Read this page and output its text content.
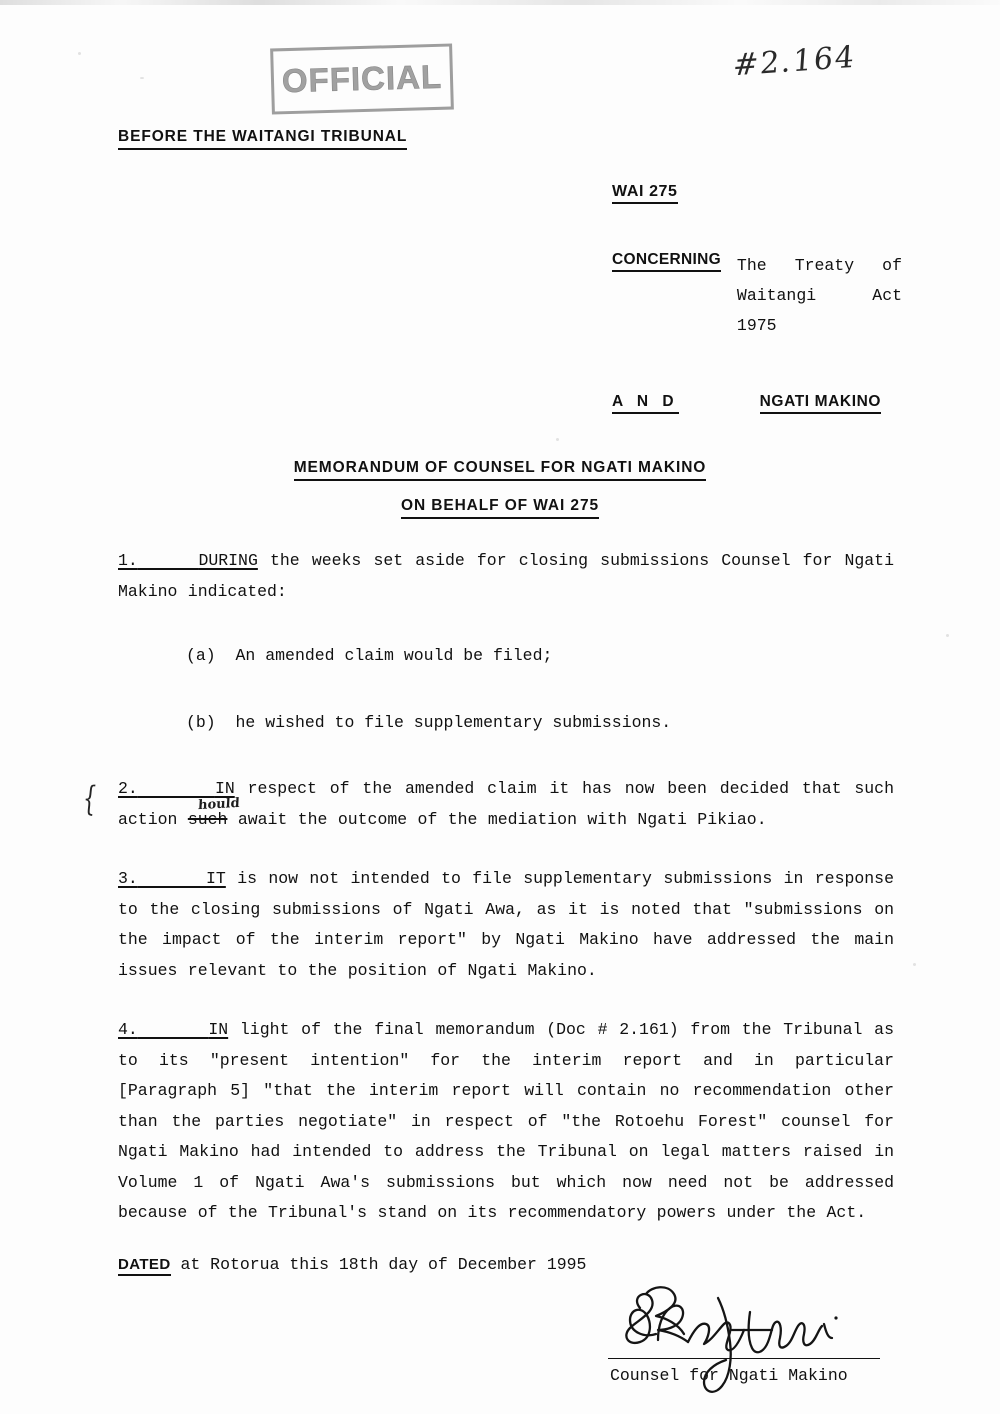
OFFICIAL	#2.164
BEFORE THE WAITANGI TRIBUNAL
WAI 275
CONCERNING The Treaty of Waitangi Act 1975
A N D	NGATI MAKINO
MEMORANDUM OF COUNSEL FOR NGATI MAKINO
ON BEHALF OF WAI 275
{

1.	DURING the weeks set aside for closing submissions Counsel for Ngati Makino indicated:

(a) An amended claim would be filed;

(b) he wished to file supplementary submissions.

2.	IN respect of the amended claim it has now been decided that such action such
hould
await the outcome of the mediation with Ngati Pikiao.

3.	IT is now not intended to file supplementary submissions in response to the closing submissions of Ngati Awa, as it is noted that "submissions on the impact of the interim report" by Ngati Makino have addressed the main issues relevant to the position of Ngati Makino.

4.	IN light of the final memorandum (Doc # 2.161) from the Tribunal as to its "present intention" for the interim report and in particular [Paragraph 5] "that the interim report will contain no recommendation other than the parties negotiate" in respect of "the Rotoehu Forest" counsel for Ngati Makino had intended to address the Tribunal on legal matters raised in Volume 1 of Ngati Awa's submissions but which now need not be addressed because of the Tribunal's stand on its recommendatory powers under the Act.

DATED at Rotorua this 18th day of December 1995
Counsel for Ngati Makino
